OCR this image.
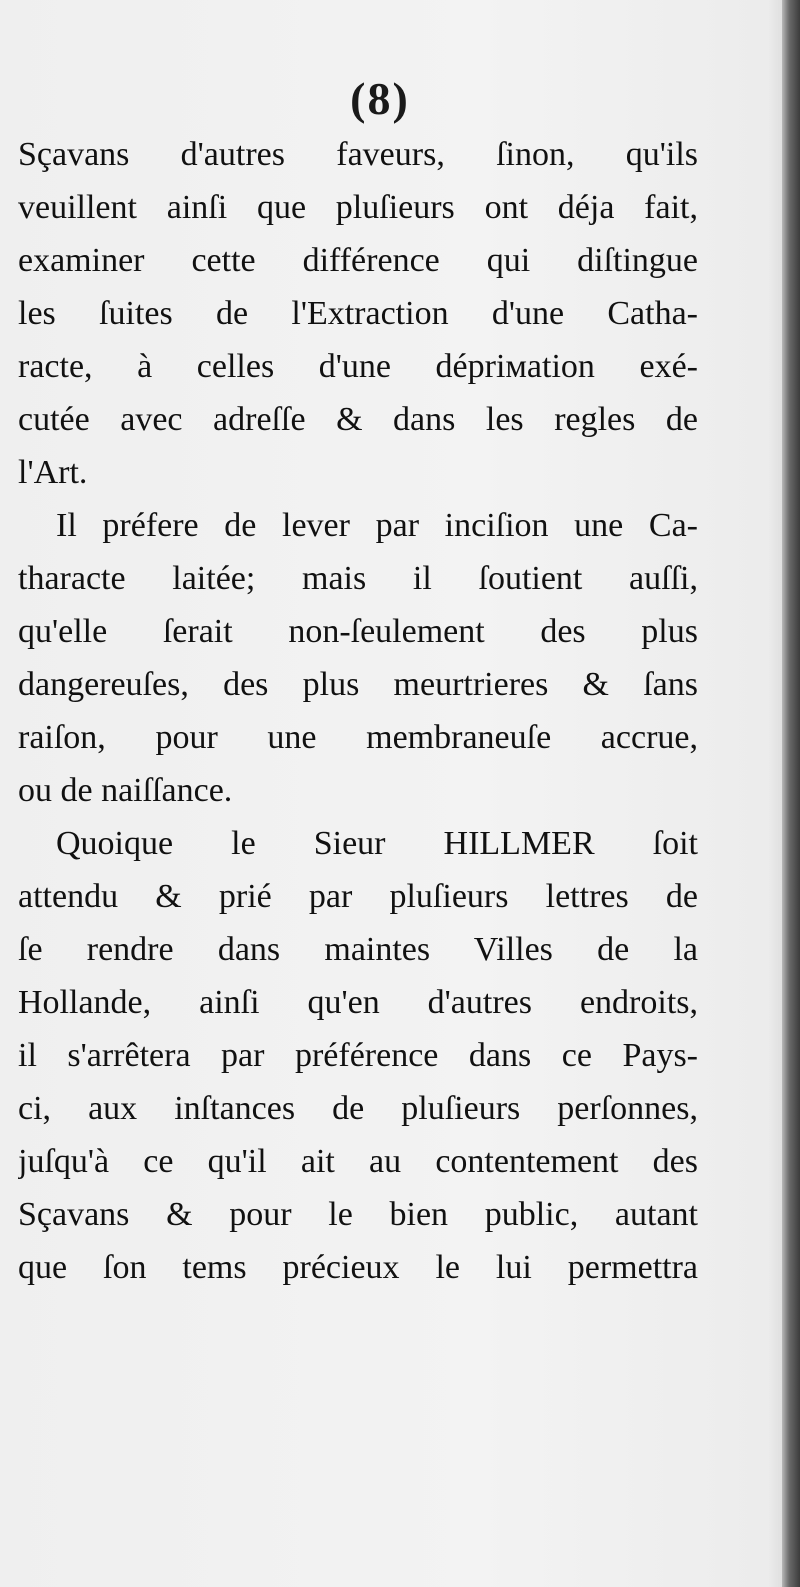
(8)
Sçavans d'autres faveurs, ſinon, qu'ils
veuillent ainſi que pluſieurs ont déja fait,
examiner cette différence qui diſtingue
les ſuites de l'Extraction d'une Catha-
racte, à celles d'une dépriмation exé-
cutée avec adreſſe & dans les regles de
l'Art.
Il préfere de lever par inciſion une Ca-
tharacte laitée; mais il ſoutient auſſi,
qu'elle ſerait non-ſeulement des plus
dangereuſes, des plus meurtrieres & ſans
raiſon, pour une membraneuſe accrue,
ou de naiſſance.
Quoique le Sieur HILLMER ſoit
attendu & prié par pluſieurs lettres de
ſe rendre dans maintes Villes de la
Hollande, ainſi qu'en d'autres endroits,
il s'arrêtera par préférence dans ce Pays-
ci, aux inſtances de pluſieurs perſonnes,
juſqu'à ce qu'il ait au contentement des
Sçavans & pour le bien public, autant
que ſon tems précieux le lui permettra
